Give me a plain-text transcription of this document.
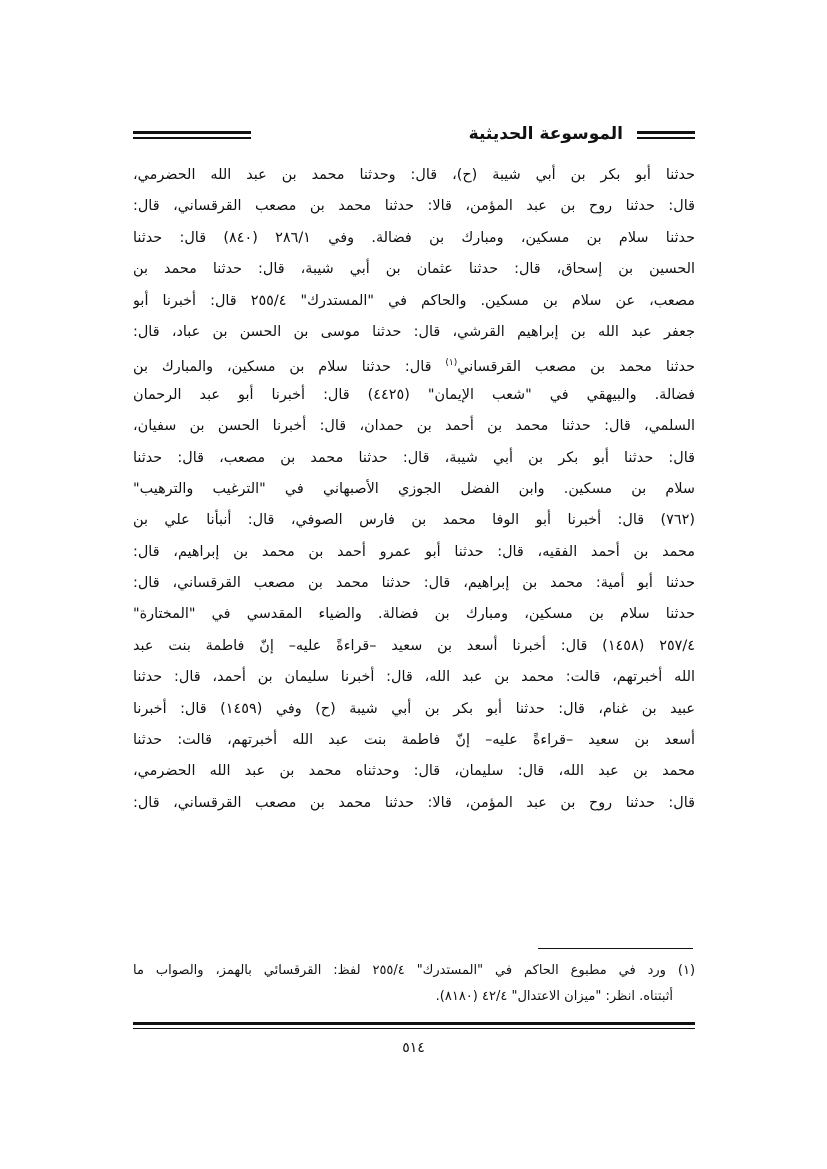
الموسوعة الحديثية
حدثنا أبو بكر بن أبي شيبة (ح)، قال: وحدثنا محمد بن عبد الله الحضرمي،
قال: حدثنا روح بن عبد المؤمن، قالا: حدثنا محمد بن مصعب القرقساني، قال:
حدثنا سلام بن مسكين، ومبارك بن فضالة. وفي ٢٨٦/١ (٨٤٠) قال: حدثنا
الحسين بن إسحاق، قال: حدثنا عثمان بن أبي شيبة، قال: حدثنا محمد بن
مصعب، عن سلام بن مسكين. والحاكم في "المستدرك" ٢٥٥/٤ قال: أخبرنا أبو
جعفر عبد الله بن إبراهيم القرشي، قال: حدثنا موسى بن الحسن بن عباد، قال:
حدثنا محمد بن مصعب القرقساني$^{(١)}$ قال: حدثنا سلام بن مسكين، والمبارك بن
فضالة. والبيهقي في "شعب الإيمان" (٤٤٢٥) قال: أخبرنا أبو عبد الرحمان
السلمي، قال: حدثنا محمد بن أحمد بن حمدان، قال: أخبرنا الحسن بن سفيان،
قال: حدثنا أبو بكر بن أبي شيبة، قال: حدثنا محمد بن مصعب، قال: حدثنا
سلام بن مسكين. وابن الفضل الجوزي الأصبهاني في "الترغيب والترهيب"
(٧٦٢) قال: أخبرنا أبو الوفا محمد بن فارس الصوفي، قال: أنبأنا علي بن
محمد بن أحمد الفقيه، قال: حدثنا أبو عمرو أحمد بن محمد بن إبراهيم، قال:
حدثنا أبو أمية: محمد بن إبراهيم، قال: حدثنا محمد بن مصعب القرقساني، قال:
حدثنا سلام بن مسكين، ومبارك بن فضالة. والضياء المقدسي في "المختارة"
٢٥٧/٤ (١٤٥٨) قال: أخبرنا أسعد بن سعيد –قراءةً عليه– إنّ فاطمة بنت عبد
الله أخبرتهم، قالت: محمد بن عبد الله، قال: أخبرنا سليمان بن أحمد، قال: حدثنا
عبيد بن غنام، قال: حدثنا أبو بكر بن أبي شيبة (ح) وفي (١٤٥٩) قال: أخبرنا
أسعد بن سعيد –قراءةً عليه– إنّ فاطمة بنت عبد الله أخبرتهم، قالت: حدثنا
محمد بن عبد الله، قال: سليمان، قال: وحدثناه محمد بن عبد الله الحضرمي،
قال: حدثنا روح بن عبد المؤمن، قالا: حدثنا محمد بن مصعب القرقساني، قال:
(١) ورد في مطبوع الحاكم في "المستدرك" ٢٥٥/٤ لفظ: القرقسائي بالهمز، والصواب ما
أثبتناه. انظر: "ميزان الاعتدال" ٤٢/٤ (٨١٨٠).
٥١٤
